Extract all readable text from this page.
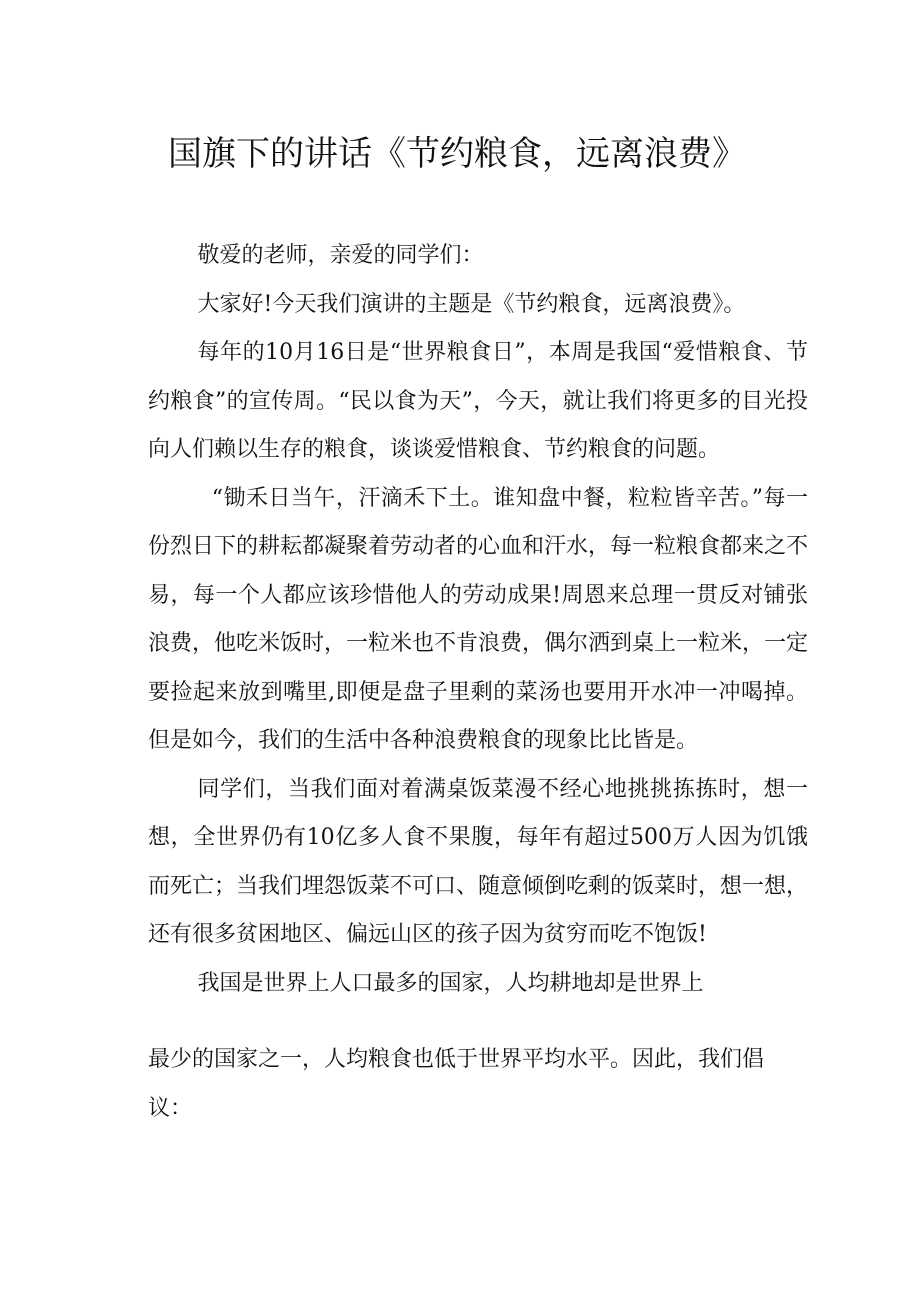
国旗下的讲话《节约粮食，远离浪费》

敬爱的老师，亲爱的同学们：

大家好!今天我们演讲的主题是《节约粮食，远离浪费》。

每年的10月16日是“世界粮食日”，本周是我国“爱惜粮食、节约粮食”的宣传周。“民以食为天”，今天，就让我们将更多的目光投向人们赖以生存的粮食，谈谈爱惜粮食、节约粮食的问题。

“锄禾日当午，汗滴禾下土。谁知盘中餐，粒粒皆辛苦。”每一份烈日下的耕耘都凝聚着劳动者的心血和汗水，每一粒粮食都来之不易，每一个人都应该珍惜他人的劳动成果!周恩来总理一贯反对铺张浪费，他吃米饭时，一粒米也不肯浪费，偶尔洒到桌上一粒米，一定要捡起来放到嘴里,即便是盘子里剩的菜汤也要用开水冲一冲喝掉。但是如今，我们的生活中各种浪费粮食的现象比比皆是。

同学们，当我们面对着满桌饭菜漫不经心地挑挑拣拣时，想一想，全世界仍有10亿多人食不果腹，每年有超过500万人因为饥饿而死亡；当我们埋怨饭菜不可口、随意倾倒吃剩的饭菜时，想一想，还有很多贫困地区、偏远山区的孩子因为贫穷而吃不饱饭!

我国是世界上人口最多的国家，人均耕地却是世界上

最少的国家之一，人均粮食也低于世界平均水平。因此，我们倡
议：
